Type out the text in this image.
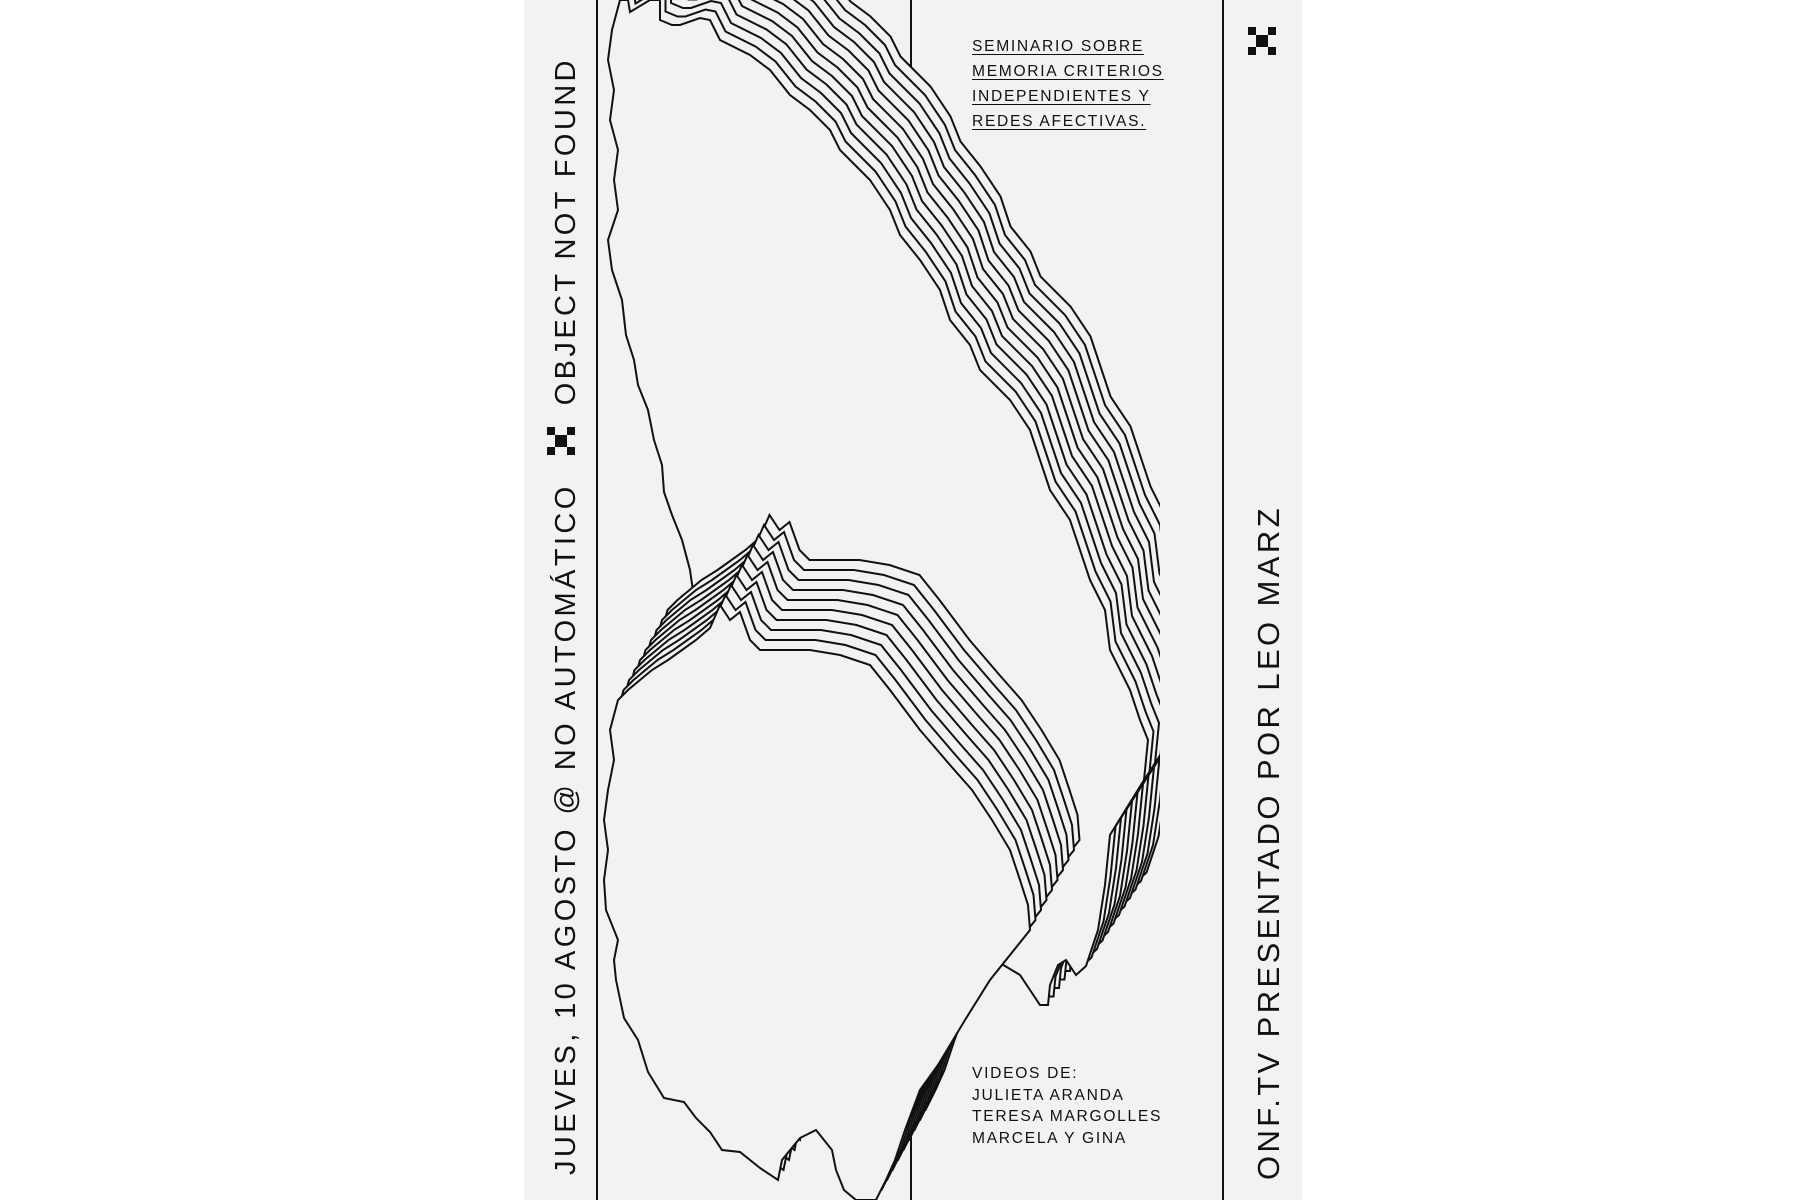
JUEVES, 10 AGOSTO @ NO AUTOMÁTICOOBJECT NOT FOUND
ONF.TV PRESENTADO POR LEO MARZ
SEMINARIO SOBRE
MEMORIA CRITERIOS
INDEPENDIENTES Y
REDES AFECTIVAS.
VIDEOS DE:
JULIETA ARANDA
TERESA MARGOLLES
MARCELA Y GINA
